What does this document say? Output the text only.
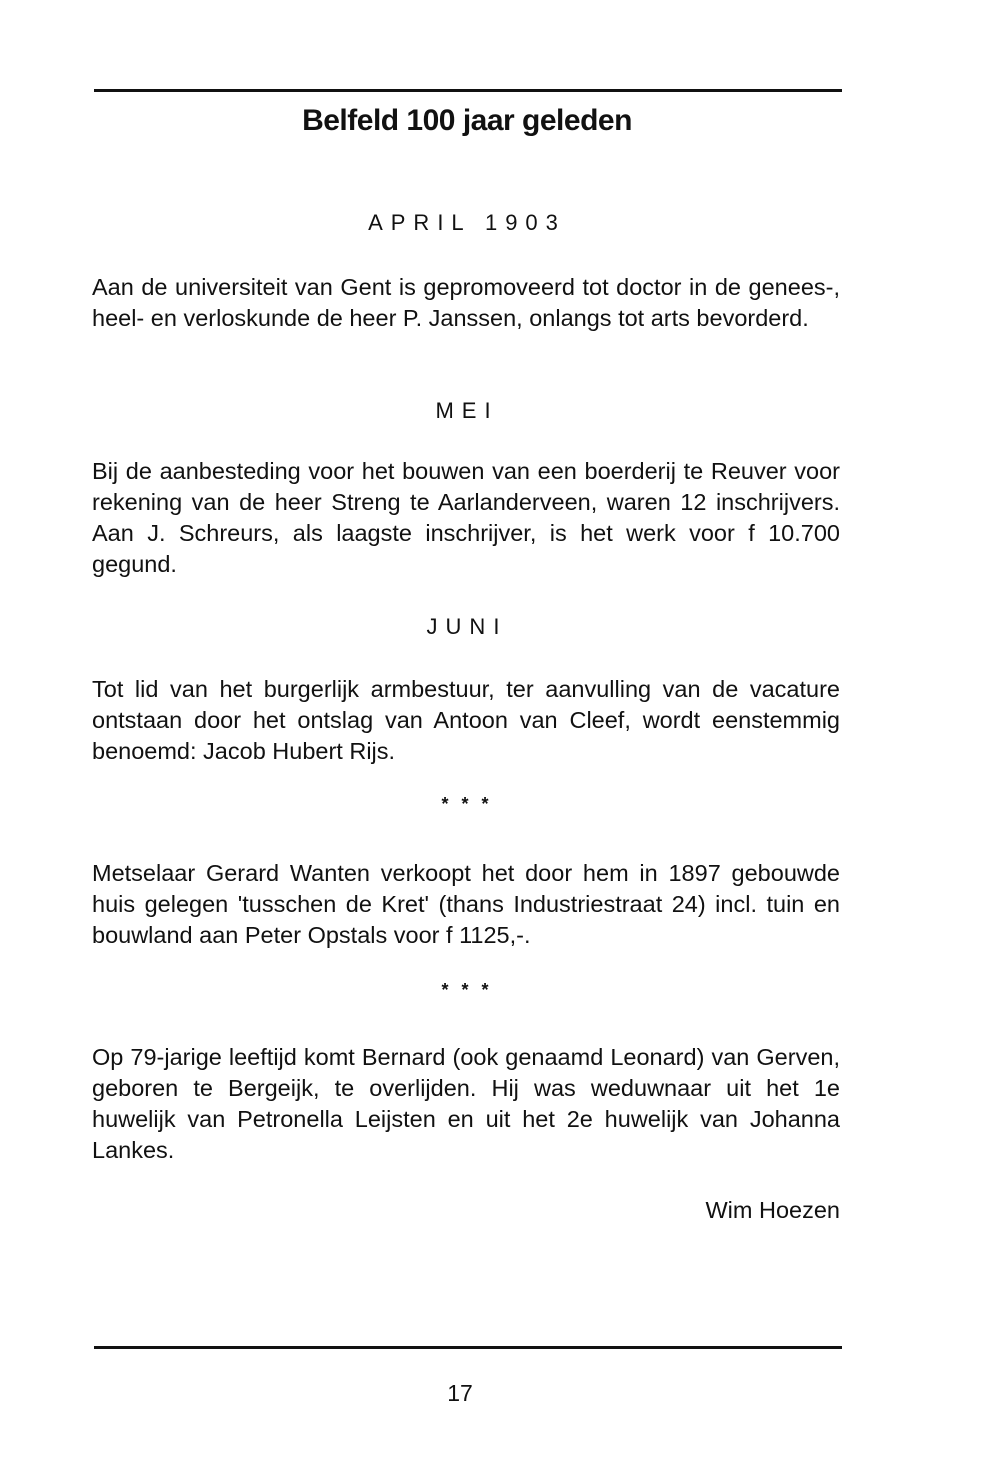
Belfeld 100 jaar geleden
APRIL 1903

Aan de universiteit van Gent is gepromoveerd tot doctor in de genees-, heel- en verloskunde de heer P. Janssen, onlangs tot arts bevorderd.

MEI

Bij de aanbesteding voor het bouwen van een boerderij te Reuver voor rekening van de heer Streng te Aarlanderveen, waren 12 inschrijvers. Aan J. Schreurs, als laagste inschrijver, is het werk voor f 10.700 gegund.

JUNI

Tot lid van het burgerlijk armbestuur, ter aanvulling van de vacature ontstaan door het ontslag van Antoon van Cleef, wordt eenstemmig benoemd: Jacob Hubert Rijs.

* * *

Metselaar Gerard Wanten verkoopt het door hem in 1897 gebouwde huis gelegen 'tusschen de Kret' (thans Industriestraat 24) incl. tuin en bouwland aan Peter Opstals voor f 1125,-.

* * *

Op 79-jarige leeftijd komt Bernard (ook genaamd Leonard) van Gerven, geboren te Bergeijk, te overlijden. Hij was weduwnaar uit het 1e huwelijk van Petronella Leijsten en uit het 2e huwelijk van Johanna Lankes.

Wim Hoezen
17
